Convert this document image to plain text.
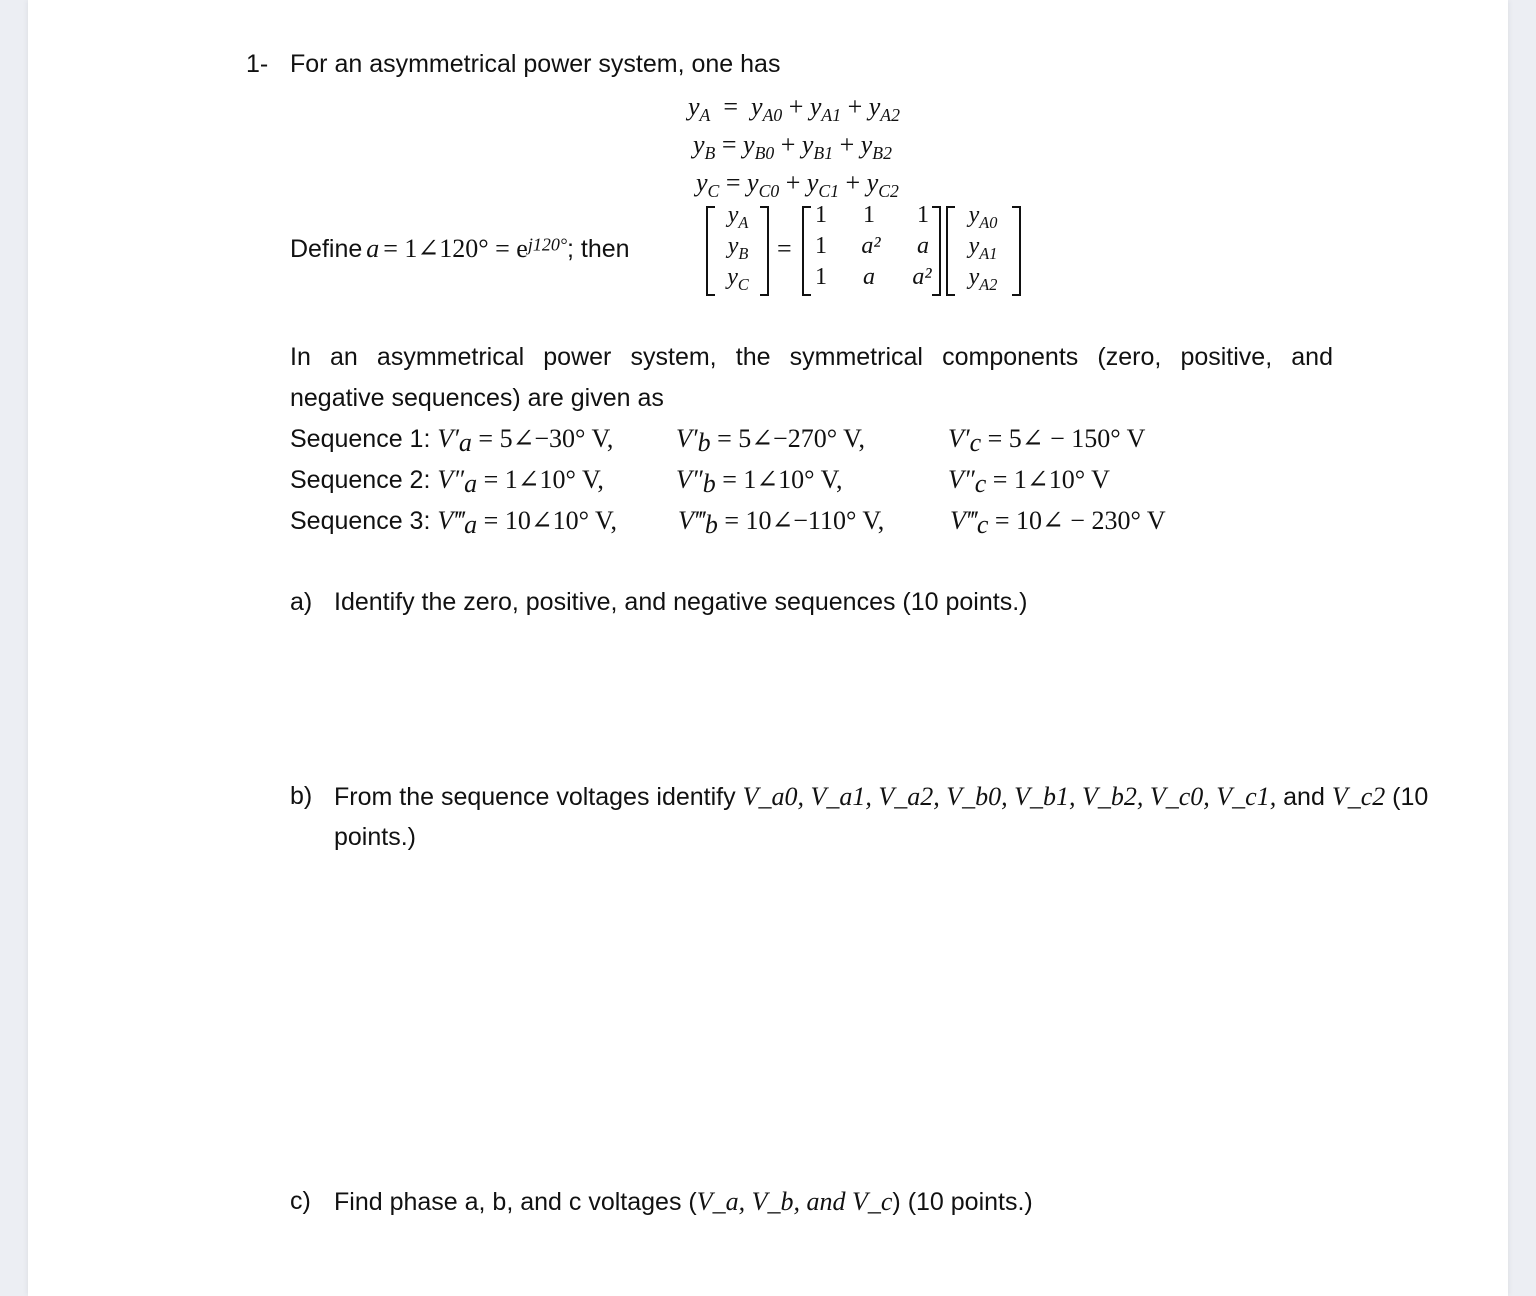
1- For an asymmetrical power system, one has
$y_A = y_{A0} + y_{A1} + y_{A2}$
$y_B = y_{B0} + y_{B1} + y_{B2}$
$y_C = y_{C0} + y_{C1} + y_{C2}$
Define a = 1∠120° = $e^{j120^\circ}$; then
$y_A$
$y_B$
$y_C$
=
1	1	1
1	a²	a
1	a	a²
$y_{A0}$
$y_{A1}$
$y_{A2}$
In an asymmetrical power system, the symmetrical components (zero, positive, and
negative sequences) are given as
Sequence 1: $V'_a$ = 5∠−30° V, $V'_b$ = 5∠−270° V,	$V'_c$ = 5∠ − 150° V
Sequence 2: $V''_a$ = 1∠10° V,	$V''_b$ = 1∠10° V,	$V''_c$ = 1∠10° V
Sequence 3: $V‴_a$ = 10∠10° V, $V‴_b$ = 10∠−110° V,	$V‴_c$ = 10∠ − 230° V
a) Identify the zero, positive, and negative sequences (10 points.)
b) From the sequence voltages identify V_a0, V_a1, V_a2, V_b0, V_b1, V_b2, V_c0, V_c1, and V_c2 (10
points.)
c) Find phase a, b, and c voltages (V_a, V_b, and V_c) (10 points.)
